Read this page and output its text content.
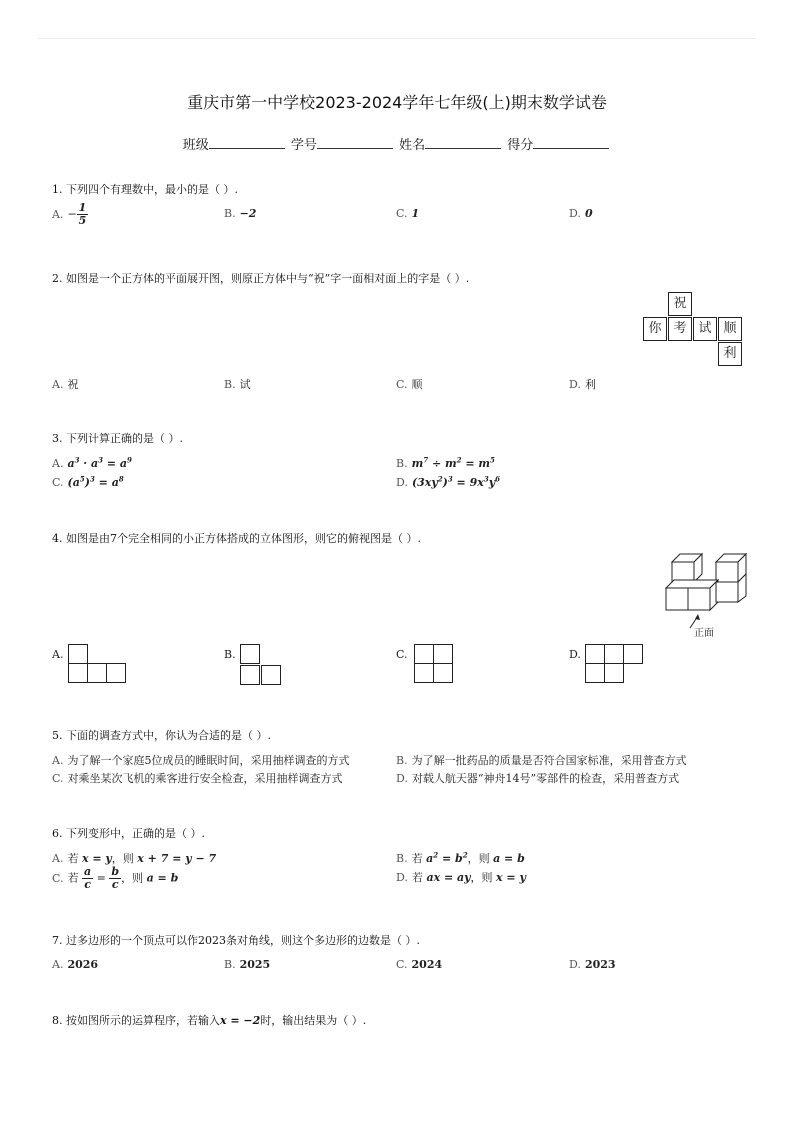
重庆市第一中学校2023-2024学年七年级(上)期末数学试卷
班级	学号	姓名	得分
1. 下列四个有理数中，最小的是（ ）.
A. − $\frac{1}{5}$	B. −2	C. 1	D. 0
2. 如图是一个正方体的平面展开图，则原正方体中与“祝”字一面相对面上的字是（ ）.
祝
你 考 试 顺
利
A. 祝	B. 试	C. 顺	D. 利
3. 下列计算正确的是（ ）.
A. $a^3 \cdot a^3 = a^9$	B. $m^7 \div m^2 = m^5$
C. $(a^5)^3 = a^8$	D. $(3xy^2)^3 = 9x^3y^6$
4. 如图是由7个完全相同的小正方体搭成的立体图形，则它的俯视图是（ ）.
正面
A.	B.	C.	D.
5. 下面的调查方式中，你认为合适的是（ ）.
A. 为了解一个家庭5位成员的睡眠时间，采用抽样调查的方式	B. 为了解一批药品的质量是否符合国家标准，采用普查方式
C. 对乘坐某次飞机的乘客进行安全检查，采用抽样调查方式	D. 对载人航天器“神舟14号”零部件的检查，采用普查方式
6. 下列变形中，正确的是（ ）.
A. 若 x = y，则 x + 7 = y − 7	B. 若 $a^2 = b^2$，则 a = b
C. 若 $\frac{a}{c} = \frac{b}{c}$ ，则 a = b	D. 若 ax = ay，则 x = y
7. 过多边形的一个顶点可以作2023条对角线，则这个多边形的边数是（ ）.
A. 2026	B. 2025	C. 2024	D. 2023
8. 按如图所示的运算程序，若输入x = −2时，输出结果为（ ）.
